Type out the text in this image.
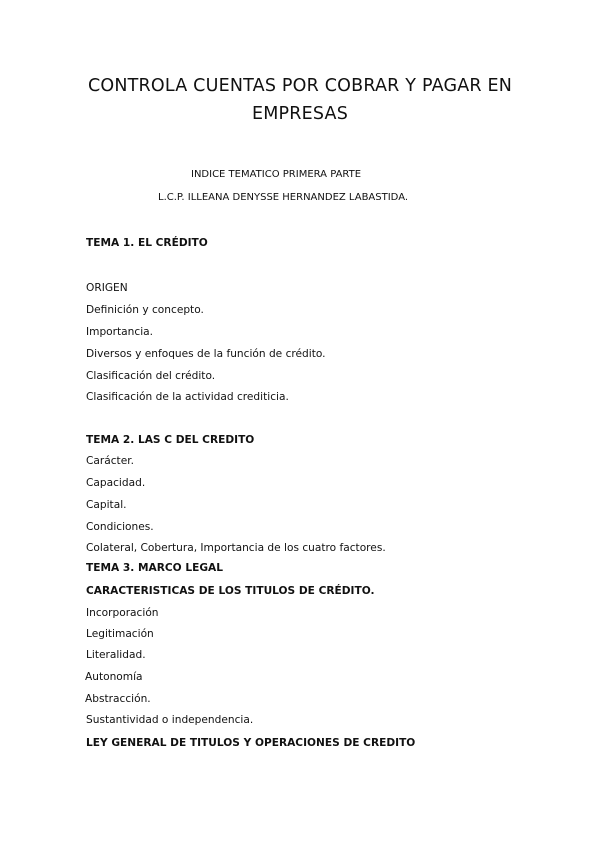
CONTROLA CUENTAS POR COBRAR Y PAGAR EN
EMPRESAS
INDICE TEMATICO PRIMERA PARTE
L.C.P. ILLEANA DENYSSE HERNANDEZ LABASTIDA.
TEMA 1. EL CRÉDITO
ORIGEN
Definición y concepto.
Importancia.
Diversos y enfoques de la función de crédito.
Clasificación del crédito.
Clasificación de la actividad crediticia.
TEMA 2. LAS C DEL CREDITO
Carácter.
Capacidad.
Capital.
Condiciones.
Colateral, Cobertura, Importancia de los cuatro factores.
TEMA 3. MARCO LEGAL
CARACTERISTICAS DE LOS TITULOS DE CRÉDITO.
Incorporación
Legitimación
Literalidad.
Autonomía
Abstracción.
Sustantividad o independencia.
LEY GENERAL DE TITULOS Y OPERACIONES DE CREDITO
